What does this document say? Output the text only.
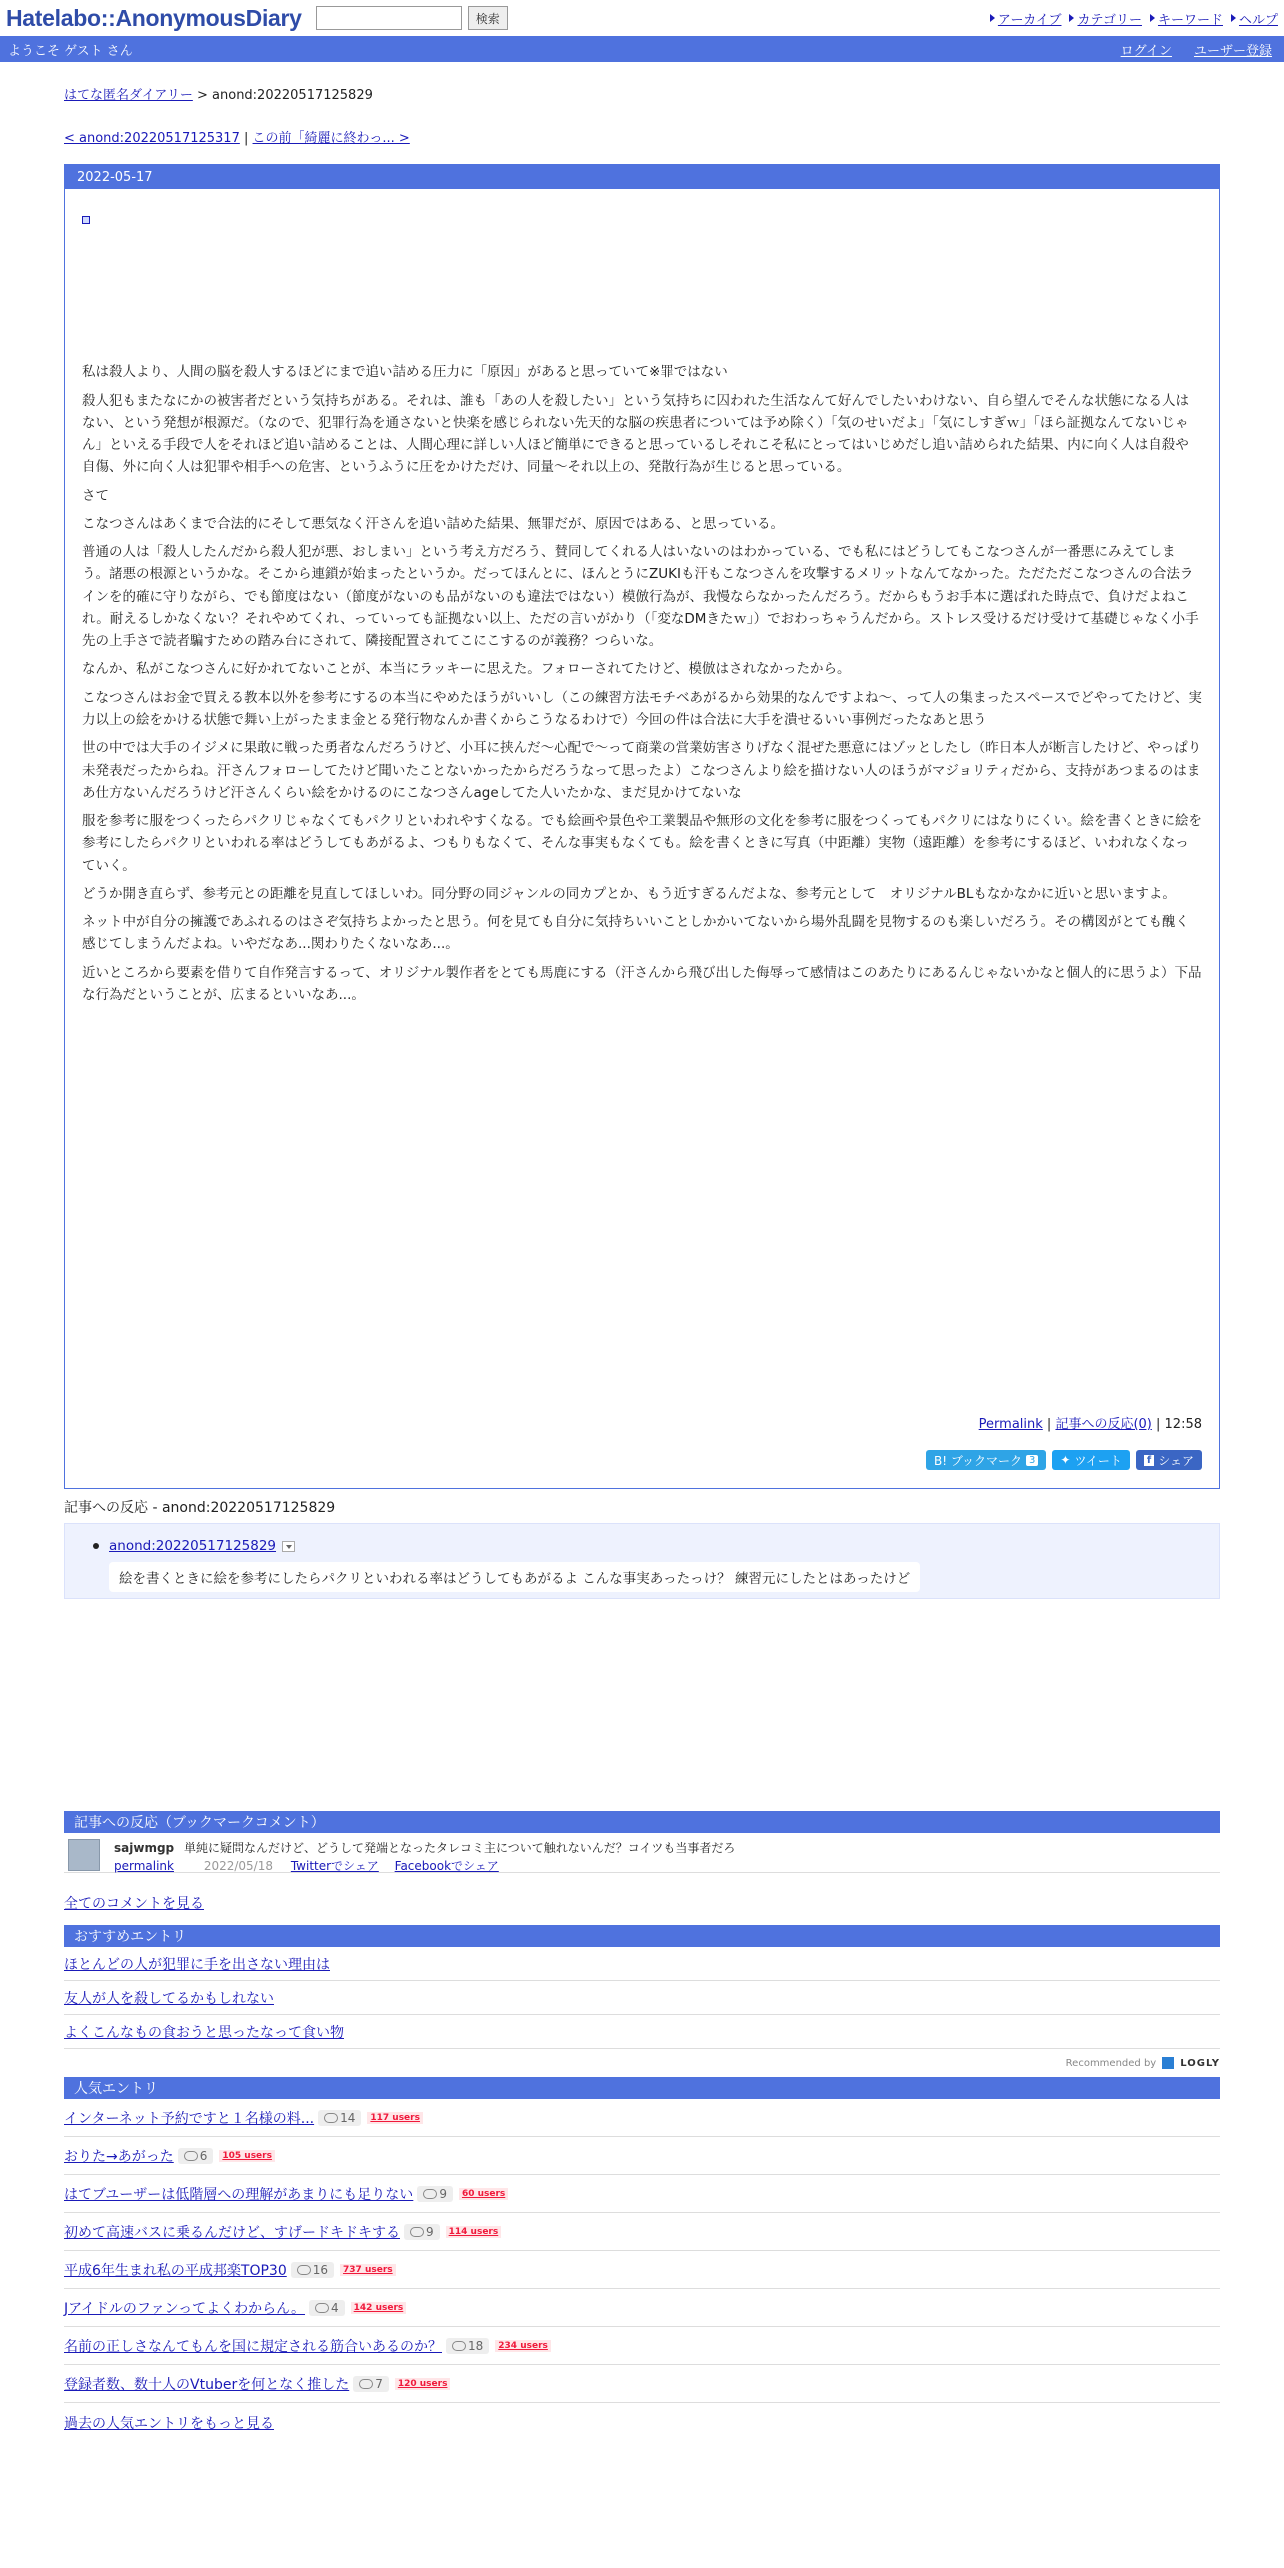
Hatelabo::AnonymousDiary	検索	アーカイブ カテゴリー キーワード ヘルプ
ようこそ ゲスト さん	ログイン ユーザー登録
はてな匿名ダイアリー > anond:20220517125829
< anond:20220517125317 | この前「綺麗に終わっ... >
2022-05-17
私は殺人より、人間の脳を殺人するほどにまで追い詰める圧力に「原因」があると思っていて※罪ではない

殺人犯もまたなにかの被害者だという気持ちがある。それは、誰も「あの人を殺したい」という気持ちに囚われた生活なんて好んでしたいわけない、自ら望んでそんな状態になる人はない、という発想が根源だ。（なので、犯罪行為を通さないと快楽を感じられない先天的な脳の疾患者については予め除く）「気のせいだよ」「気にしすぎｗ」「ほら証拠なんてないじゃん」といえる手段で人をそれほど追い詰めることは、人間心理に詳しい人ほど簡単にできると思っているしそれこそ私にとってはいじめだし追い詰められた結果、内に向く人は自殺や自傷、外に向く人は犯罪や相手への危害、というふうに圧をかけただけ、同量～それ以上の、発散行為が生じると思っている。

さて

こなつさんはあくまで合法的にそして悪気なく汗さんを追い詰めた結果、無罪だが、原因ではある、と思っている。

普通の人は「殺人したんだから殺人犯が悪、おしまい」という考え方だろう、賛同してくれる人はいないのはわかっている、でも私にはどうしてもこなつさんが一番悪にみえてしまう。諸悪の根源というかな。そこから連鎖が始まったというか。だってほんとに、ほんとうにZUKIも汗もこなつさんを攻撃するメリットなんてなかった。ただただこなつさんの合法ラインを的確に守りながら、でも節度はない（節度がないのも品がないのも違法ではない）模倣行為が、我慢ならなかったんだろう。だからもうお手本に選ばれた時点で、負けだよねこれ。耐えるしかなくない？それやめてくれ、っていっても証拠ない以上、ただの言いがかり（「変なDMきたｗ」）でおわっちゃうんだから。ストレス受けるだけ受けて基礎じゃなく小手先の上手さで読者騙すための踏み台にされて、隣接配置されてこにこするのが義務？つらいな。

なんか、私がこなつさんに好かれてないことが、本当にラッキーに思えた。フォローされてたけど、模倣はされなかったから。

こなつさんはお金で買える教本以外を参考にするの本当にやめたほうがいいし（この練習方法モチベあがるから効果的なんですよね～、って人の集まったスペースでどやってたけど、実力以上の絵をかける状態で舞い上がったまま金とる発行物なんか書くからこうなるわけで）今回の件は合法に大手を潰せるいい事例だったなあと思う

世の中では大手のイジメに果敢に戦った勇者なんだろうけど、小耳に挟んだ～心配で～って商業の営業妨害さりげなく混ぜた悪意にはゾッとしたし（昨日本人が断言したけど、やっぱり未発表だったからね。汗さんフォローしてたけど聞いたことないかったからだろうなって思ったよ）こなつさんより絵を描けない人のほうがマジョリティだから、支持があつまるのはまあ仕方ないんだろうけど汗さんくらい絵をかけるのにこなつさんageしてた人いたかな、まだ見かけてないな

服を参考に服をつくったらパクリじゃなくてもパクリといわれやすくなる。でも絵画や景色や工業製品や無形の文化を参考に服をつくってもパクリにはなりにくい。絵を書くときに絵を参考にしたらパクリといわれる率はどうしてもあがるよ、つもりもなくて、そんな事実もなくても。絵を書くときに写真（中距離）実物（遠距離）を参考にするほど、いわれなくなっていく。

どうか開き直らず、参考元との距離を見直してほしいわ。同分野の同ジャンルの同カプとか、もう近すぎるんだよな、参考元として　オリジナルBLもなかなかに近いと思いますよ。

ネット中が自分の擁護であふれるのはさぞ気持ちよかったと思う。何を見ても自分に気持ちいいことしかかいてないから場外乱闘を見物するのも楽しいだろう。その構図がとても醜く感じてしまうんだよね。いやだなあ...関わりたくないなあ...。

近いところから要素を借りて自作発言するって、オリジナル製作者をとても馬鹿にする（汗さんから飛び出した侮辱って感情はこのあたりにあるんじゃないかなと個人的に思うよ）下品な行為だということが、広まるといいなあ...。

Permalink | 記事への反応(0) | 12:58
B! ブックマーク 3 ✦ ツイート	f シェア
記事への反応 - anond:20220517125829
anond:20220517125829
絵を書くときに絵を参考にしたらパクリといわれる率はどうしてもあがるよ こんな事実あったっけ？ 練習元にしたとはあったけど
記事への反応（ブックマークコメント）
sajwmgp 単純に疑問なんだけど、どうして発端となったタレコミ主について触れないんだ？コイツも当事者だろ
permalink 2022/05/18 Twitterでシェア Facebookでシェア
全てのコメントを見る
おすすめエントリ
ほとんどの人が犯罪に手を出さない理由は
友人が人を殺してるかもしれない
よくこんなもの食おうと思ったなって食い物
Recommended by LOGLY
人気エントリ
インターネット予約ですと１名様の料... 14	117 users
おりた→あがった 6	105 users
はてブユーザーは低階層への理解があまりにも足りない 9	60 users
初めて高速バスに乗るんだけど、すげードキドキする 9	114 users
平成6年生まれ私の平成邦楽TOP30 16	737 users
Jアイドルのファンってよくわからん。 4	142 users
名前の正しさなんてもんを国に規定される筋合いあるのか？ 18	234 users
登録者数、数十人のVtuberを何となく推した 7	120 users
過去の人気エントリをもっと見る
